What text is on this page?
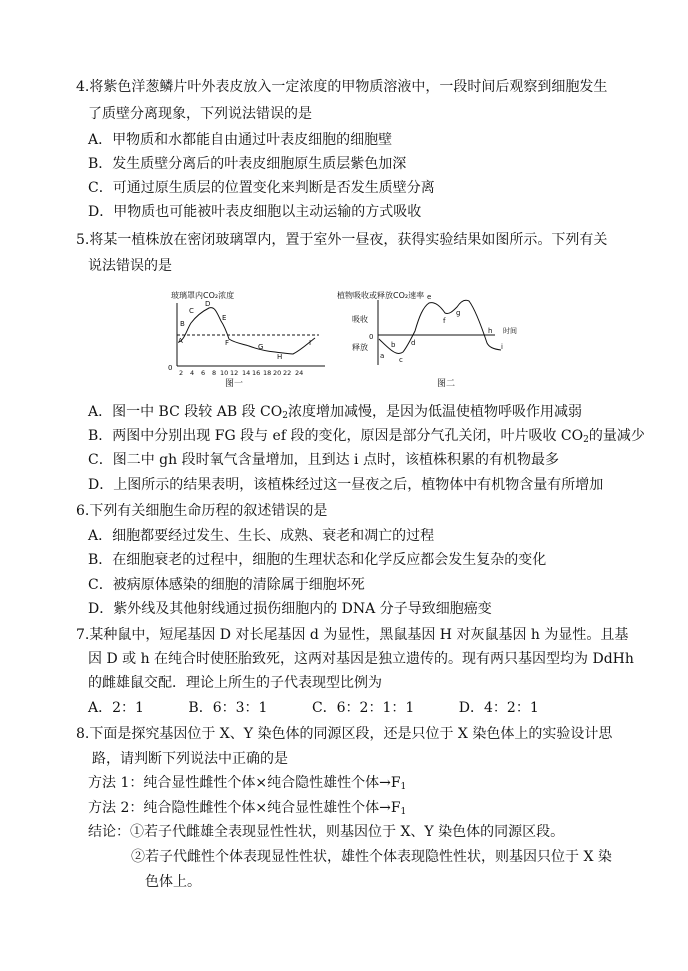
4.将紫色洋葱鳞片叶外表皮放入一定浓度的甲物质溶液中，一段时间后观察到细胞发生
了质壁分离现象，下列说法错误的是
A．甲物质和水都能自由通过叶表皮细胞的细胞壁
B．发生质壁分离后的叶表皮细胞原生质层紫色加深
C．可通过原生质层的位置变化来判断是否发生质壁分离
D．甲物质也可能被叶表皮细胞以主动运输的方式吸收
5.将某一植株放在密闭玻璃罩内，置于室外一昼夜，获得实验结果如图所示。下列有关
说法错误的是
玻璃罩内CO₂浓度
0
2 4 6 8 10 12 14 16 18 20 22 24
A
B
C
D
E
F	G
H
I
图一
植物吸收或释放CO₂速率
吸收
0
释放
时间
a
b
c
d
e
f
g
h
i
图二
A．图一中 BC 段较 AB 段 $CO_2$浓度增加减慢，是因为低温使植物呼吸作用减弱
B．两图中分别出现 FG 段与 ef 段的变化，原因是部分气孔关闭，叶片吸收 $CO_2$的量减少
C．图二中 gh 段时氧气含量增加，且到达 i 点时，该植株积累的有机物最多
D．上图所示的结果表明，该植株经过这一昼夜之后，植物体中有机物含量有所增加
6.下列有关细胞生命历程的叙述错误的是
A．细胞都要经过发生、生长、成熟、衰老和凋亡的过程
B．在细胞衰老的过程中，细胞的生理状态和化学反应都会发生复杂的变化
C．被病原体感染的细胞的清除属于细胞坏死
D．紫外线及其他射线通过损伤细胞内的 DNA 分子导致细胞癌变
7.某种鼠中，短尾基因 D 对长尾基因 d 为显性，黑鼠基因 H 对灰鼠基因 h 为显性。且基
因 D 或 h 在纯合时使胚胎致死，这两对基因是独立遗传的。现有两只基因型均为 DdHh
的雌雄鼠交配．理论上所生的子代表现型比例为
A．2：1          B．6：3：1          C．6：2：1：1          D．4：2：1
8.下面是探究基因位于 X、Y 染色体的同源区段，还是只位于 X 染色体上的实验设计思
路，请判断下列说法中正确的是
方法 1：纯合显性雌性个体×纯合隐性雄性个体$\to F_1$
方法 2：纯合隐性雌性个体×纯合显性雄性个体$\to F_1$
结论：①若子代雌雄全表现显性性状，则基因位于 X、Y 染色体的同源区段。
②若子代雌性个体表现显性性状，雄性个体表现隐性性状，则基因只位于 X 染
色体上。
